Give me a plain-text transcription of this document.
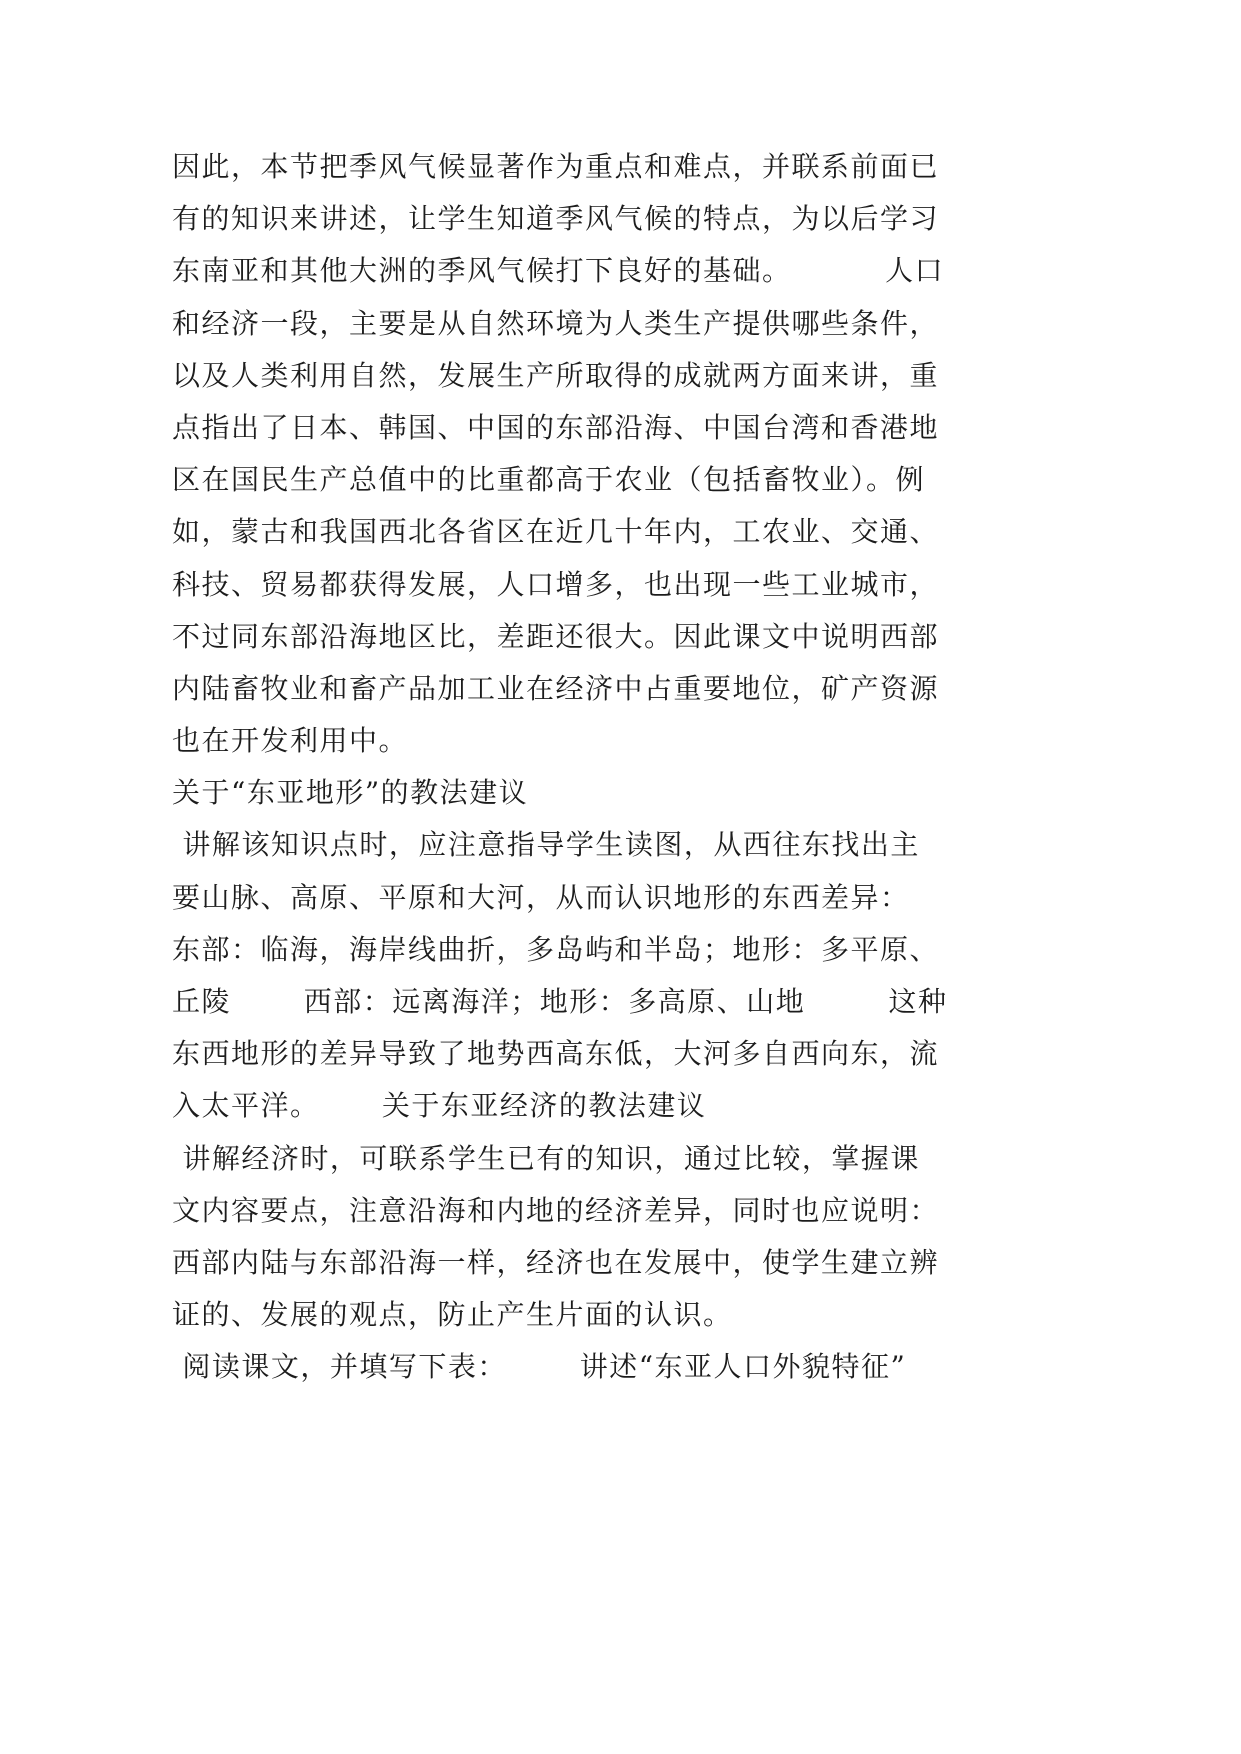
因此，本节把季风气候显著作为重点和难点，并联系前面已
有的知识来讲述，让学生知道季风气候的特点，为以后学习
东南亚和其他大洲的季风气候打下良好的基础。         人口
和经济一段，主要是从自然环境为人类生产提供哪些条件，
以及人类利用自然，发展生产所取得的成就两方面来讲，重
点指出了日本、韩国、中国的东部沿海、中国台湾和香港地
区在国民生产总值中的比重都高于农业（包括畜牧业）。例
如，蒙古和我国西北各省区在近几十年内，工农业、交通、
科技、贸易都获得发展，人口增多，也出现一些工业城市，
不过同东部沿海地区比，差距还很大。因此课文中说明西部
内陆畜牧业和畜产品加工业在经济中占重要地位，矿产资源
也在开发利用中。
关于“东亚地形”的教法建议
讲解该知识点时，应注意指导学生读图，从西往东找出主
要山脉、高原、平原和大河，从而认识地形的东西差异：
东部：临海，海岸线曲折，多岛屿和半岛；地形：多平原、
丘陵       西部：远离海洋；地形：多高原、山地        这种
东西地形的差异导致了地势西高东低，大河多自西向东，流
入太平洋。      关于东亚经济的教法建议
讲解经济时，可联系学生已有的知识，通过比较，掌握课
文内容要点，注意沿海和内地的经济差异，同时也应说明：
西部内陆与东部沿海一样，经济也在发展中，使学生建立辨
证的、发展的观点，防止产生片面的认识。
阅读课文，并填写下表：       讲述“东亚人口外貌特征”
